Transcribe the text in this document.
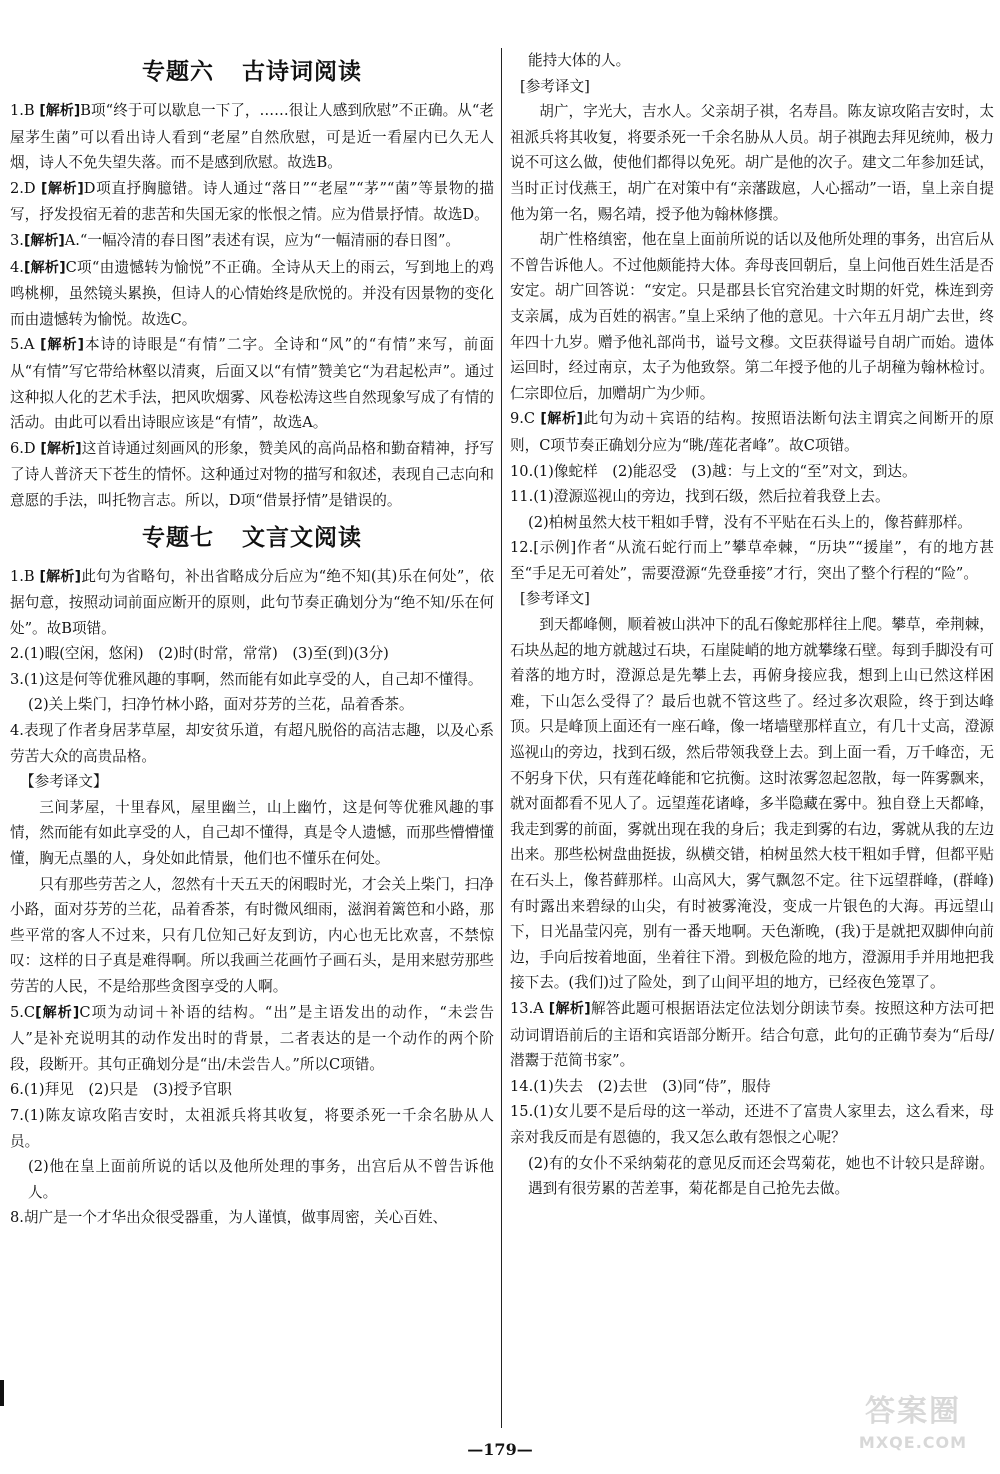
专题六 古诗词阅读

1.B [解析]B项“终于可以歇息一下了，……很让人感到欣慰”不正确。从“老屋茅生菌”可以看出诗人看到“老屋”自然欣慰，可是近一看屋内已久无人烟，诗人不免失望失落。而不是感到欣慰。故选B。

2.D [解析]D项直抒胸臆错。诗人通过“落日”“老屋”“茅”“菌”等景物的描写，抒发投宿无着的悲苦和失国无家的怅恨之情。应为借景抒情。故选D。

3.[解析]A.“一幅冷清的春日图”表述有误，应为“一幅清丽的春日图”。

4.[解析]C项“由遗憾转为愉悦”不正确。全诗从天上的雨云，写到地上的鸡鸣桃柳，虽然镜头累换，但诗人的心情始终是欣悦的。并没有因景物的变化而由遗憾转为愉悦。故选C。

5.A [解析]本诗的诗眼是“有情”二字。全诗和“风”的“有情”来写，前面从“有情”写它带给林壑以清爽，后面又以“有情”赞美它“为君起松声”。通过这种拟人化的艺术手法，把风吹烟雾、风卷松涛这些自然现象写成了有情的活动。由此可以看出诗眼应该是“有情”，故选A。

6.D [解析]这首诗通过刻画风的形象，赞美风的高尚品格和勤奋精神，抒写了诗人普济天下苍生的情怀。这种通过对物的描写和叙述，表现自己志向和意愿的手法，叫托物言志。所以，D项“借景抒情”是错误的。

专题七 文言文阅读

1.B [解析]此句为省略句，补出省略成分后应为“绝不知(其)乐在何处”，依据句意，按照动词前面应断开的原则，此句节奏正确划分为“绝不知/乐在何处”。故B项错。

2.(1)暇(空闲，悠闲)　(2)时(时常，常常)　(3)至(到)(3分)

3.(1)这是何等优雅风趣的事啊，然而能有如此享受的人，自己却不懂得。

(2)关上柴门，扫净竹林小路，面对芬芳的兰花，品着香茶。

4.表现了作者身居茅草屋，却安贫乐道，有超凡脱俗的高洁志趣，以及心系劳苦大众的高贵品格。

【参考译文】

三间茅屋，十里春风，屋里幽兰，山上幽竹，这是何等优雅风趣的事情，然而能有如此享受的人，自己却不懂得，真是令人遗憾，而那些懵懵懂懂，胸无点墨的人，身处如此情景，他们也不懂乐在何处。

只有那些劳苦之人，忽然有十天五天的闲暇时光，才会关上柴门，扫净小路，面对芬芳的兰花，品着香茶，有时微风细雨，滋润着篱笆和小路，那些平常的客人不过来，只有几位知己好友到访，内心也无比欢喜，不禁惊叹：这样的日子真是难得啊。所以我画兰花画竹子画石头，是用来慰劳那些劳苦的人民，不是给那些贪图享受的人啊。

5.C[解析]C项为动词＋补语的结构。“出”是主语发出的动作，“未尝告人”是补充说明其的动作发出时的背景，二者表达的是一个动作的两个阶段，段断开。其句正确划分是“出/未尝告人。”所以C项错。

6.(1)拜见　(2)只是　(3)授予官职

7.(1)陈友谅攻陷吉安时，太祖派兵将其收复，将要杀死一千余名胁从人员。

(2)他在皇上面前所说的话以及他所处理的事务，出宫后从不曾告诉他人。

8.胡广是一个才华出众很受器重，为人谨慎，做事周密，关心百姓、

能持大体的人。

[参考译文]

胡广，字光大，吉水人。父亲胡子祺，名寿昌。陈友谅攻陷吉安时，太祖派兵将其收复，将要杀死一千余名胁从人员。胡子祺跑去拜见统帅，极力说不可这么做，使他们都得以免死。胡广是他的次子。建文二年参加廷试，当时正讨伐燕王，胡广在对策中有“亲藩跋扈，人心摇动”一语，皇上亲自提他为第一名，赐名靖，授予他为翰林修撰。

胡广性格缜密，他在皇上面前所说的话以及他所处理的事务，出宫后从不曾告诉他人。不过他颇能持大体。奔母丧回朝后，皇上问他百姓生活是否安定。胡广回答说：“安定。只是郡县长官究治建文时期的奸党，株连到旁支亲属，成为百姓的祸害。”皇上采纳了他的意见。十六年五月胡广去世，终年四十九岁。赠予他礼部尚书，谥号文穆。文臣获得谥号自胡广而始。遗体运回时，经过南京，太子为他致祭。第二年授予他的儿子胡穜为翰林检讨。仁宗即位后，加赠胡广为少师。

9.C [解析]此句为动＋宾语的结构。按照语法断句法主谓宾之间断开的原则，C项节奏正确划分应为“眺/莲花者峰”。故C项错。

10.(1)像蛇样　(2)能忍受　(3)越：与上文的“至”对文，到达。

11.(1)澄源巡视山的旁边，找到石级，然后拉着我登上去。

(2)柏树虽然大枝干粗如手臂，没有不平贴在石头上的，像苔藓那样。

12.[示例]作者“从流石蛇行而上”攀草牵棘，“历块”“援崖”，有的地方甚至“手足无可着处”，需要澄源“先登垂接”才行，突出了整个行程的“险”。

[参考译文]

到天都峰侧，顺着被山洪冲下的乱石像蛇那样往上爬。攀草，牵荆棘，石块丛起的地方就越过石块，石崖陡峭的地方就攀缘石壁。每到手脚没有可着落的地方时，澄源总是先攀上去，再俯身接应我，想到上山已然这样困难，下山怎么受得了？最后也就不管这些了。经过多次艰险，终于到达峰顶。只是峰顶上面还有一座石峰，像一堵墙壁那样直立，有几十丈高，澄源巡视山的旁边，找到石级，然后带领我登上去。到上面一看，万千峰峦，无不躬身下伏，只有莲花峰能和它抗衡。这时浓雾忽起忽散，每一阵雾飘来，就对面都看不见人了。远望莲花诸峰，多半隐藏在雾中。独自登上天都峰，我走到雾的前面，雾就出现在我的身后；我走到雾的右边，雾就从我的左边出来。那些松树盘曲挺拔，纵横交错，柏树虽然大枝干粗如手臂，但都平贴在石头上，像苔藓那样。山高风大，雾气飘忽不定。往下远望群峰，(群峰)有时露出来碧绿的山尖，有时被雾淹没，变成一片银色的大海。再远望山下，日光晶莹闪亮，别有一番天地啊。天色渐晚，(我)于是就把双脚伸向前边，手向后按着地面，坐着往下滑。到极危险的地方，澄源用手并用地把我接下去。(我们)过了险处，到了山间平坦的地方，已经夜色笼罩了。

13.A [解析]解答此题可根据语法定位法划分朗读节奏。按照这种方法可把动词谓语前后的主语和宾语部分断开。结合句意，此句的正确节奏为“后母/潜鬻于范简书家”。

14.(1)失去　(2)去世　(3)同“侍”，服侍

15.(1)女儿要不是后母的这一举动，还进不了富贵人家里去，这么看来，母亲对我反而是有恩德的，我又怎么敢有怨恨之心呢？

(2)有的女仆不采纳菊花的意见反而还会骂菊花，她也不计较只是辞谢。遇到有很劳累的苦差事，菊花都是自己抢先去做。

—179—
答案圈
MXQE.COM
